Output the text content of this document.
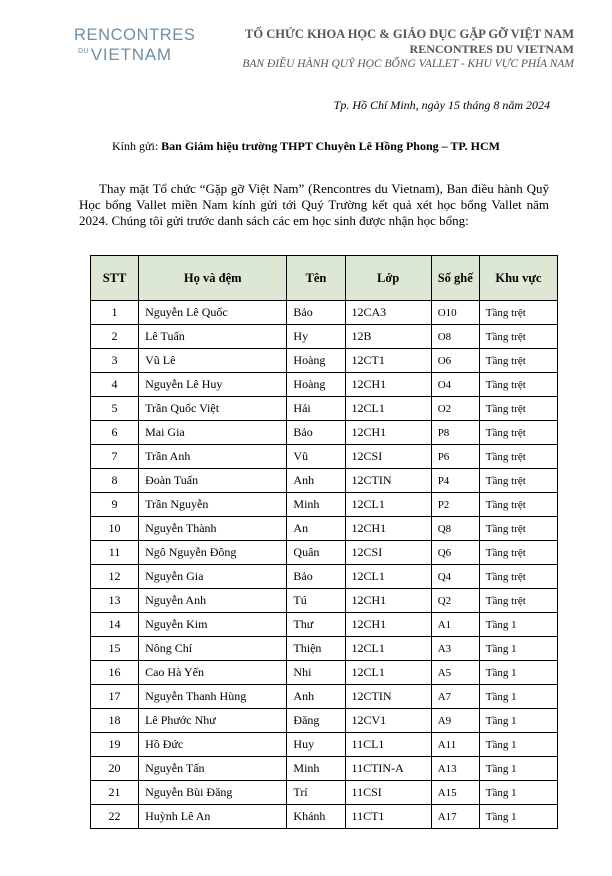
RENCONTRES
$^{DU}$ VIETNAM
TỔ CHỨC KHOA HỌC & GIÁO DỤC GẶP GỠ VIỆT NAM
RENCONTRES DU VIETNAM
BAN ĐIỀU HÀNH QUỸ HỌC BỔNG VALLET - KHU VỰC PHÍA NAM
Tp. Hồ Chí Minh, ngày 15 tháng 8 năm 2024
Kính gửi: Ban Giám hiệu trường THPT Chuyên Lê Hồng Phong – TP. HCM
Thay mặt Tổ chức “Gặp gỡ Việt Nam” (Rencontres du Vietnam), Ban điều hành Quỹ Học bổng Vallet miền Nam kính gửi tới Quý Trường kết quả xét học bổng Vallet năm 2024. Chúng tôi gửi trước danh sách các em học sinh được nhận học bổng:
STT	Họ và đệm	Tên	Lớp	Số ghế	Khu vực
1	Nguyễn Lê Quốc	Bảo	12CA3	O10	Tầng trệt
2	Lê Tuấn	Hy	12B	O8	Tầng trệt
3	Vũ Lê	Hoàng	12CT1	O6	Tầng trệt
4	Nguyễn Lê Huy	Hoàng	12CH1	O4	Tầng trệt
5	Trần Quốc Việt	Hải	12CL1	O2	Tầng trệt
6	Mai Gia	Bảo	12CH1	P8	Tầng trệt
7	Trần Anh	Vũ	12CSI	P6	Tầng trệt
8	Đoàn Tuấn	Anh	12CTIN	P4	Tầng trệt
9	Trần Nguyễn	Minh	12CL1	P2	Tầng trệt
10	Nguyễn Thành	An	12CH1	Q8	Tầng trệt
11	Ngô Nguyễn Đông	Quân	12CSI	Q6	Tầng trệt
12	Nguyễn Gia	Bảo	12CL1	Q4	Tầng trệt
13	Nguyễn Anh	Tú	12CH1	Q2	Tầng trệt
14	Nguyễn Kim	Thư	12CH1	A1	Tầng 1
15	Nông Chí	Thiện	12CL1	A3	Tầng 1
16	Cao Hà Yến	Nhi	12CL1	A5	Tầng 1
17	Nguyễn Thanh Hùng	Anh	12CTIN	A7	Tầng 1
18	Lê Phước Như	Đăng	12CV1	A9	Tầng 1
19	Hồ Đức	Huy	11CL1	A11	Tầng 1
20	Nguyễn Tấn	Minh	11CTIN-A	A13	Tầng 1
21	Nguyễn Bùi Đăng	Trí	11CSI	A15	Tầng 1
22	Huỳnh Lê An	Khánh	11CT1	A17	Tầng 1
